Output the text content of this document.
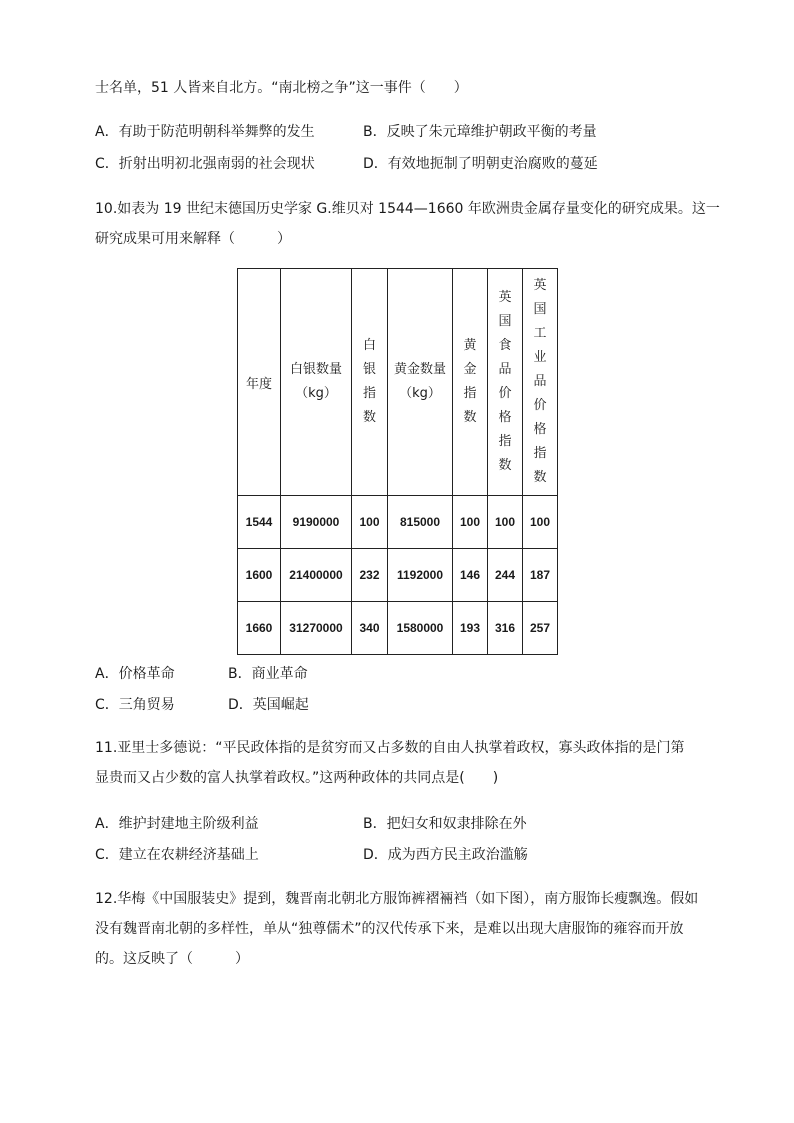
士名单，51 人皆来自北方。“南北榜之争”这一事件（　　）
A．有助于防范明朝科举舞弊的发生	B．反映了朱元璋维护朝政平衡的考量
C．折射出明初北强南弱的社会现状	D．有效地扼制了明朝吏治腐败的蔓延
10.如表为 19 世纪末德国历史学家 G.维贝对 1544—1660 年欧洲贵金属存量变化的研究成果。这一
研究成果可用来解释（　　　）
年度	白银数量（kg）	白银指数	黄金数量（kg）	黄金指数	英国食品价格指数	英国工业品价格指数
1544	9190000	100	815000	100	100	100
1600	21400000	232	1192000	146	244	187
1660	31270000	340	1580000	193	316	257
A．价格革命	B．商业革命
C．三角贸易	D．英国崛起
11.亚里士多德说：“平民政体指的是贫穷而又占多数的自由人执掌着政权，寡头政体指的是门第
显贵而又占少数的富人执掌着政权。”这两种政体的共同点是(　　)
A．维护封建地主阶级利益	B．把妇女和奴隶排除在外
C．建立在农耕经济基础上	D．成为西方民主政治滥觞
12.华梅《中国服装史》提到，魏晋南北朝北方服饰裤褶裲裆（如下图），南方服饰长瘦飘逸。假如
没有魏晋南北朝的多样性，单从“独尊儒术”的汉代传承下来，是难以出现大唐服饰的雍容而开放
的。这反映了（　　　）
